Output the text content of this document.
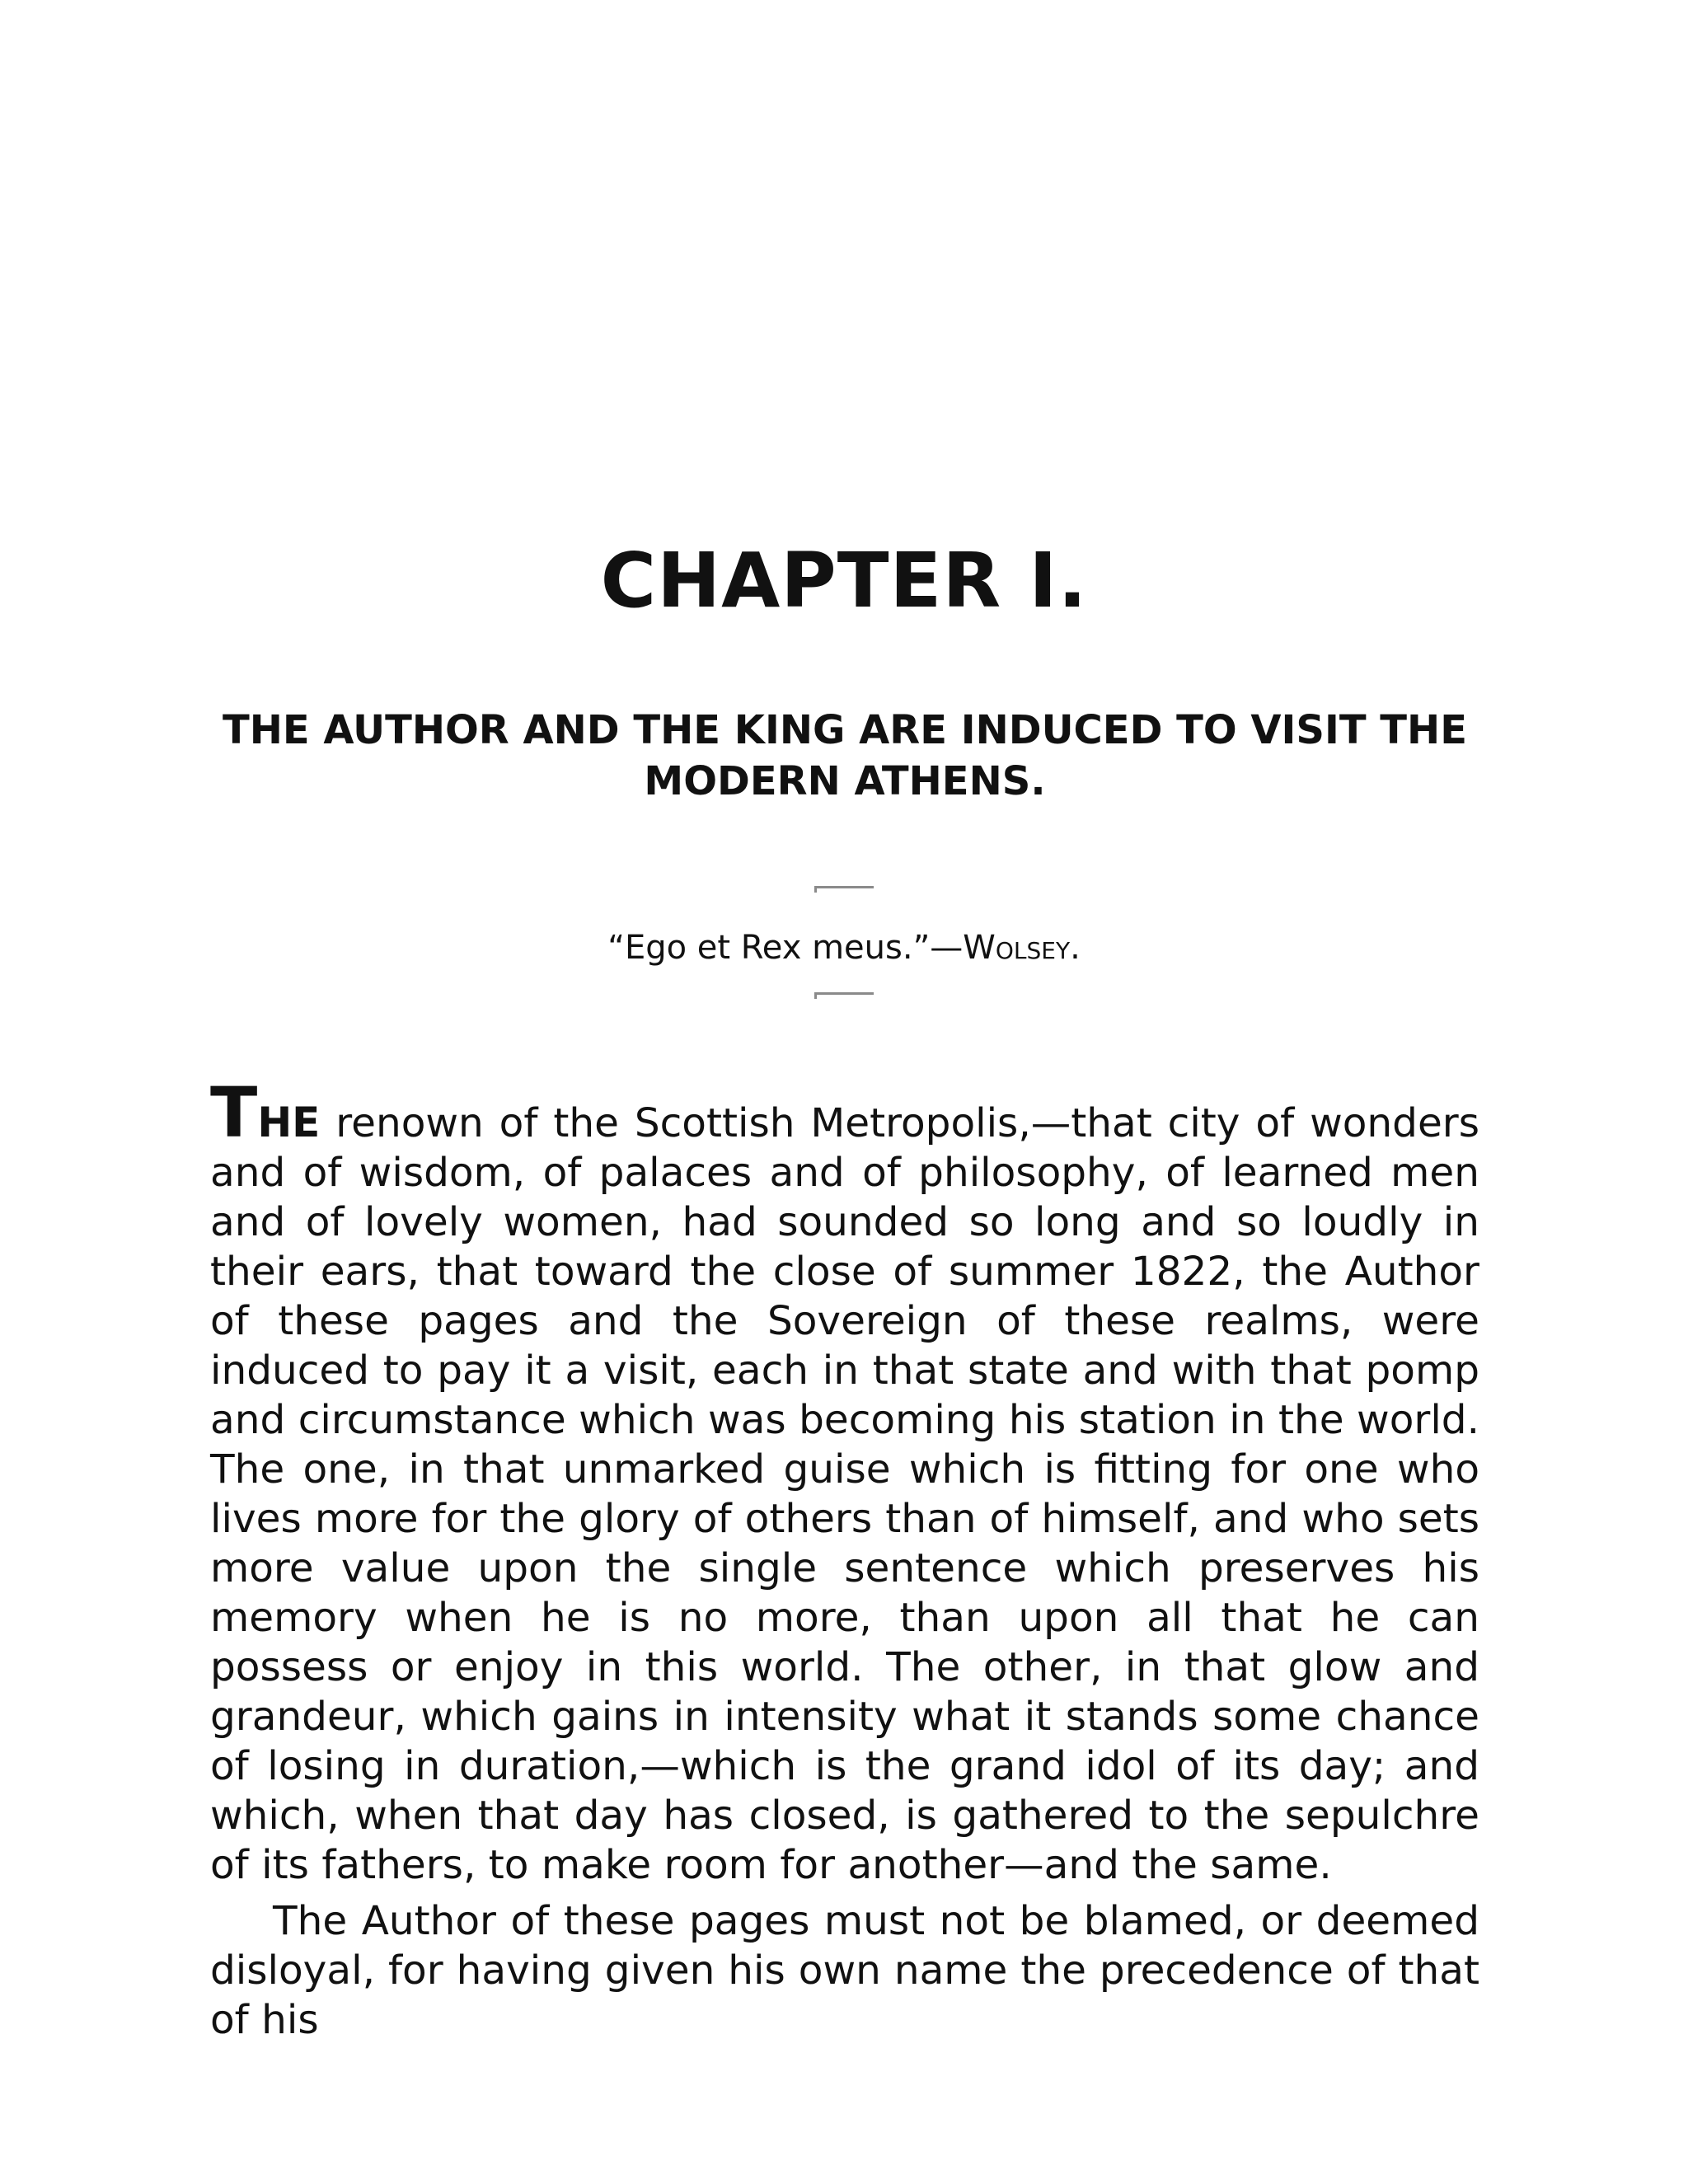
CHAPTER I.
THE AUTHOR AND THE KING ARE INDUCED TO VISIT THE MODERN ATHENS.

“Ego et Rex meus.”—Wolsey.

THE renown of the Scottish Metropolis,—that city of wonders and of wisdom, of palaces and of philosophy, of learned men and of lovely women, had sounded so long and so loudly in their ears, that toward the close of summer 1822, the Author of these pages and the Sovereign of these realms, were induced to pay it a visit, each in that state and with that pomp and circumstance which was becoming his station in the world. The one, in that unmarked guise which is fitting for one who lives more for the glory of others than of himself, and who sets more value upon the single sentence which preserves his memory when he is no more, than upon all that he can possess or enjoy in this world. The other, in that glow and grandeur, which gains in intensity what it stands some chance of losing in duration,—which is the grand idol of its day; and which, when that day has closed, is gathered to the sepulchre of its fathers, to make room for another—and the same.

The Author of these pages must not be blamed, or deemed disloyal, for having given his own name the precedence of that of his
